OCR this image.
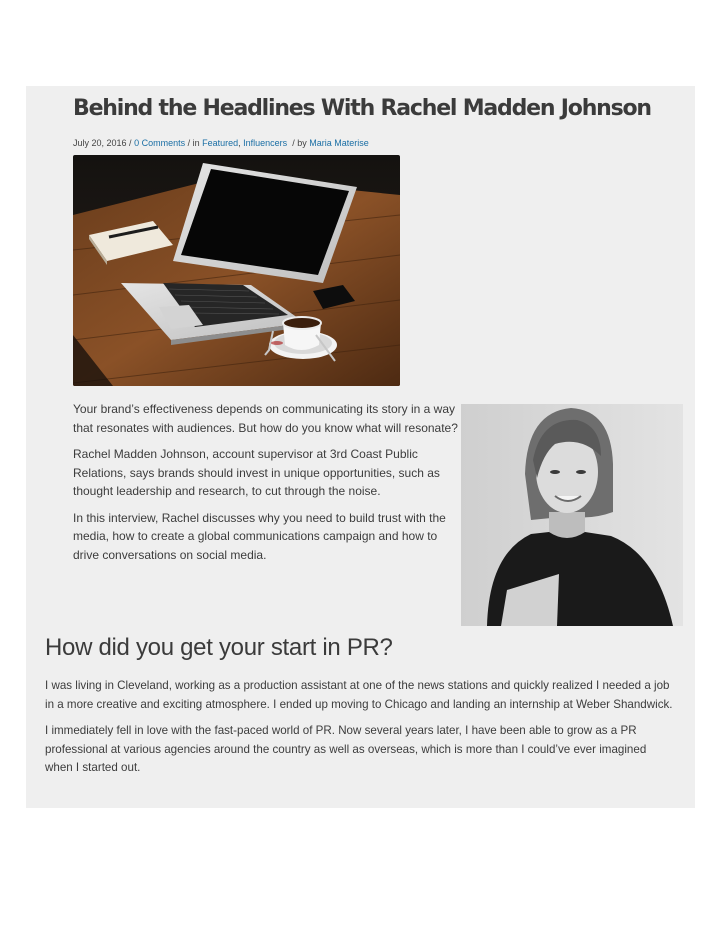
Behind the Headlines With Rachel Madden Johnson
July 20, 2016 / 0 Comments / in Featured, Influencers  / by Maria Materise

Your brand’s effectiveness depends on communicating its story in a way that resonates with audiences. But how do you know what will resonate?

Rachel Madden Johnson, account supervisor at 3rd Coast Public Relations, says brands should invest in unique opportunities, such as thought leadership and research, to cut through the noise.

In this interview, Rachel discusses why you need to build trust with the media, how to create a global communications campaign and how to drive conversations on social media.

How did you get your start in PR?

I was living in Cleveland, working as a production assistant at one of the news stations and quickly realized I needed a job in a more creative and exciting atmosphere. I ended up moving to Chicago and landing an internship at Weber Shandwick.

I immediately fell in love with the fast-paced world of PR. Now several years later, I have been able to grow as a PR professional at various agencies around the country as well as overseas, which is more than I could’ve ever imagined when I started out.
